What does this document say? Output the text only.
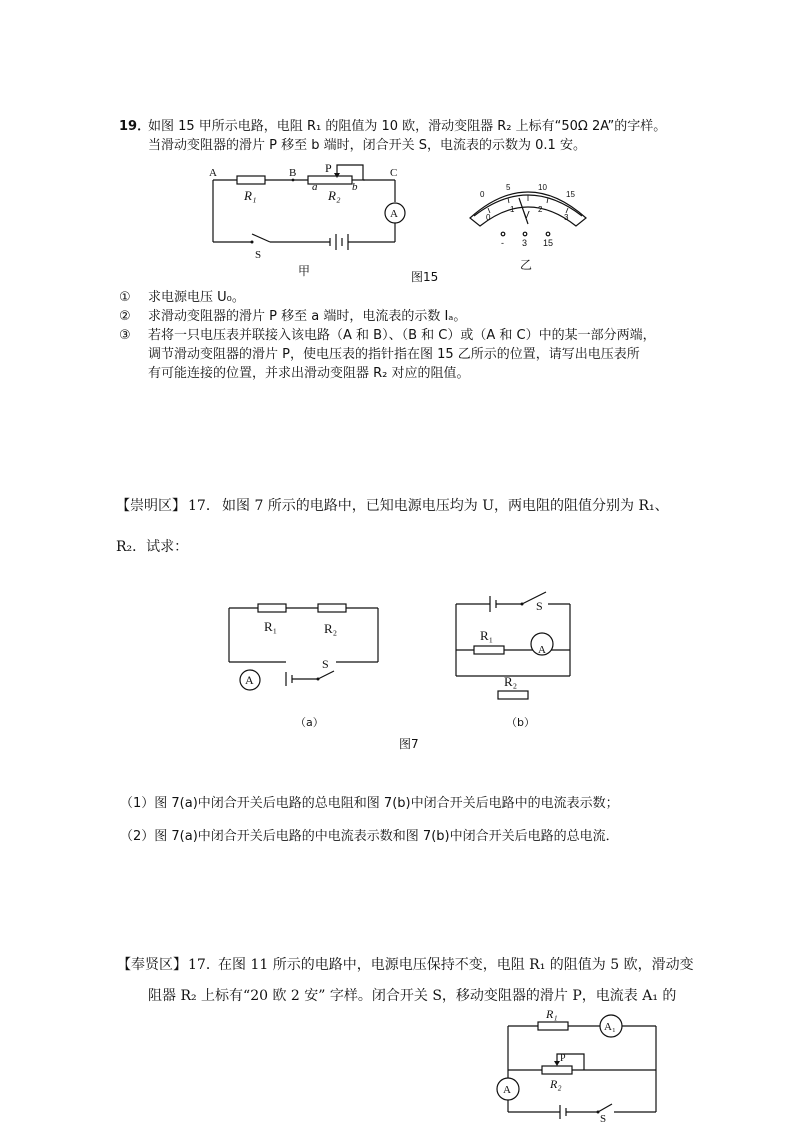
19．
如图 15 甲所示电路，电阻 R₁ 的阻值为 10 欧，滑动变阻器 R₂ 上标有“50Ω 2A”的字样。
当滑动变阻器的滑片 P 移至 b 端时，闭合开关 S，电流表的示数为 0.1 安。
A	B	C
P
a	b
R₁	R₂
A
S
甲
0
5	10
15
0
1	2
3
V
- 3 15
乙
图15
① 求电源电压 U₀。
② 求滑动变阻器的滑片 P 移至 a 端时，电流表的示数 Iₐ。
③ 若将一只电压表并联接入该电路（A 和 B）、（B 和 C）或（A 和 C）中的某一部分两端，
调节滑动变阻器的滑片 P，使电压表的指针指在图 15 乙所示的位置，请写出电压表所
有可能连接的位置，并求出滑动变阻器 R₂ 对应的阻值。
【崇明区】 17． 如图 7 所示的电路中，已知电源电压均为 U，两电阻的阻值分别为 R₁、
R₂．试求：
R₁	R₂
A
S
（a）
R₁
A
R₂
S
（b）
图7
（1）图 7(a)中闭合开关后电路的总电阻和图 7(b)中闭合开关后电路中的电流表示数；
（2）图 7(a)中闭合开关后电路的中电流表示数和图 7(b)中闭合开关后电路的总电流．
【奉贤区】 17．
在图 11 所示的电路中，电源电压保持不变，电阻 R₁ 的阻值为 5 欧，滑动变
阻器 R₂ 上标有“20 欧 2 安” 字样。闭合开关 S，移动变阻器的滑片 P，电流表 A₁ 的
R₁
A₁
P
R₂
A
S
